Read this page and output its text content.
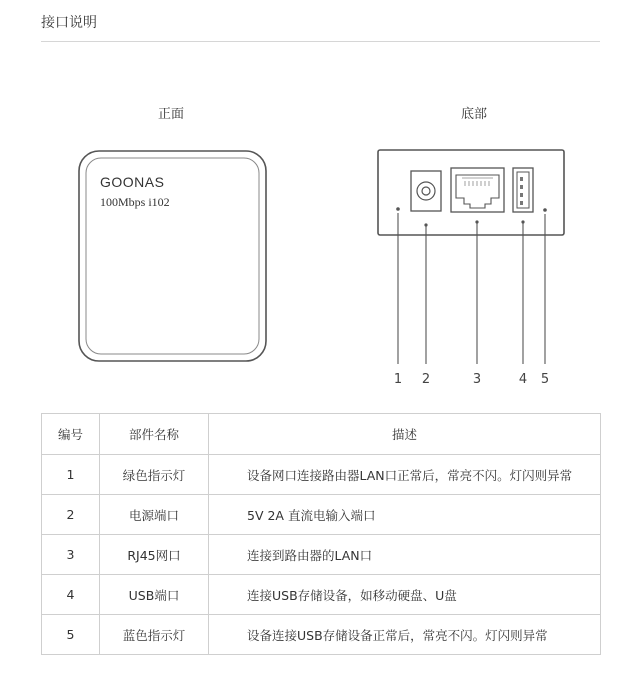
接口说明
正面	底部
GOONAS
100Mbps i102
1 2	3	4 5
编号	部件名称	描述
1	绿色指示灯	设备网口连接路由器LAN口正常后，常亮不闪。灯闪则异常
2	电源端口	5V 2A 直流电输入端口
3	RJ45网口	连接到路由器的LAN口
4	USB端口	连接USB存储设备，如移动硬盘、U盘
5	蓝色指示灯	设备连接USB存储设备正常后，常亮不闪。灯闪则异常
